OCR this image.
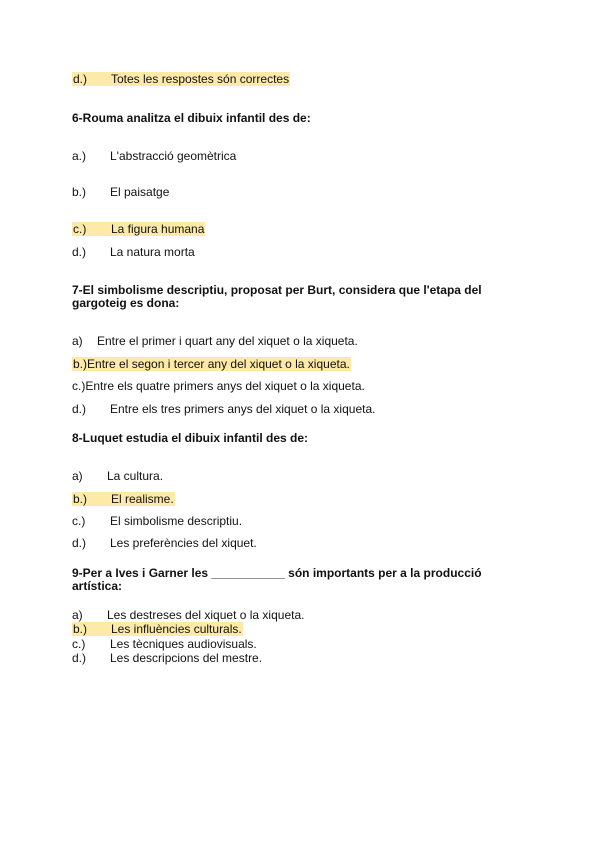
d.) Totes les respostes són correctes
6-Rouma analitza el dibuix infantil des de:
a.) L'abstracció geomètrica
b.) El paisatge
c.) La figura humana
d.) La natura morta
7-El simbolisme descriptiu, proposat per Burt, considera que l'etapa del gargoteig es dona:
a) Entre el primer i quart any del xiquet o la xiqueta.
b.)Entre el segon i tercer any del xiquet o la xiqueta.
c.)Entre els quatre primers anys del xiquet o la xiqueta.
d.) Entre els tres primers anys del xiquet o la xiqueta.
8-Luquet estudia el dibuix infantil des de:
a) La cultura.
b.) El realisme.
c.) El simbolisme descriptiu.
d.) Les preferències del xiquet.
9-Per a Ives i Garner les ___________ són importants per a la producció artística:
a) Les destreses del xiquet o la xiqueta.
b.) Les influències culturals.
c.) Les tècniques audiovisuals.
d.) Les descripcions del mestre.
